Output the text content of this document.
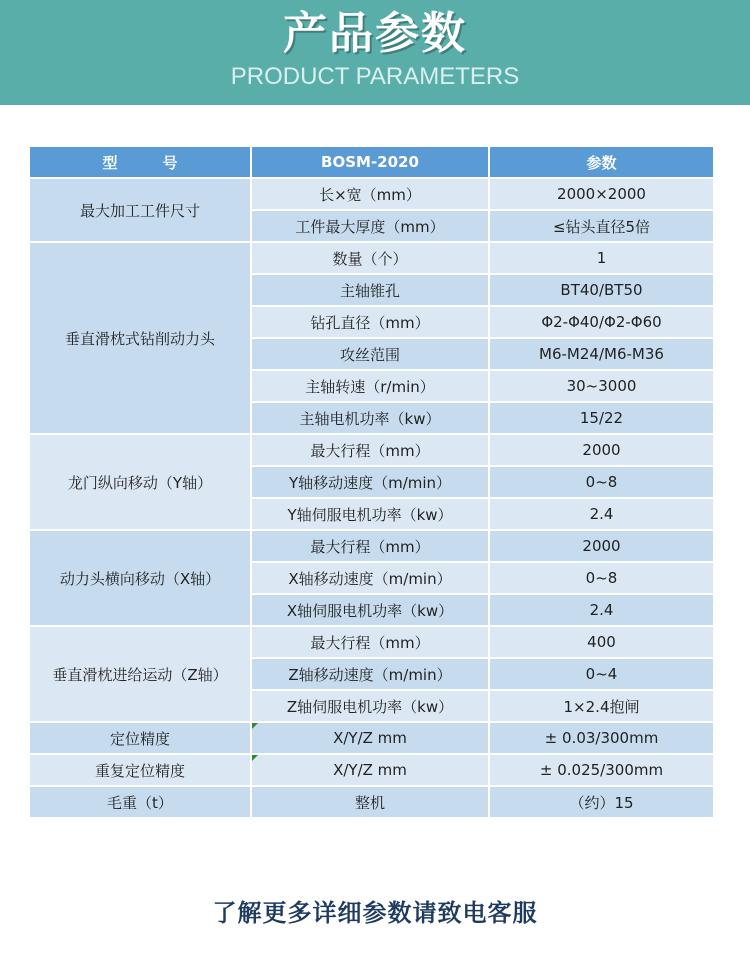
产品参数
PRODUCT PARAMETERS
型　　　号	BOSM-2020	参数
最大加工工件尺寸	长×宽（mm）	2000×2000
	工件最大厚度（mm）	≤钻头直径5倍
垂直滑枕式钻削动力头	数量（个）	1
	主轴锥孔	BT40/BT50
	钻孔直径（mm）	Φ2-Φ40/Φ2-Φ60
	攻丝范围	M6-M24/M6-M36
	主轴转速（r/min）	30~3000
	主轴电机功率（kw）	15/22
龙门纵向移动（Y轴）	最大行程（mm）	2000
	Y轴移动速度（m/min）	0~8
	Y轴伺服电机功率（kw）	2.4
动力头横向移动（X轴）	最大行程（mm）	2000
	X轴移动速度（m/min）	0~8
	X轴伺服电机功率（kw）	2.4
垂直滑枕进给运动（Z轴）	最大行程（mm）	400
	Z轴移动速度（m/min）	0~4
	Z轴伺服电机功率（kw）	1×2.4抱闸
定位精度	X/Y/Z mm	± 0.03/300mm
重复定位精度	X/Y/Z mm	± 0.025/300mm
毛重（t）	整机	（约）15
了解更多详细参数请致电客服
